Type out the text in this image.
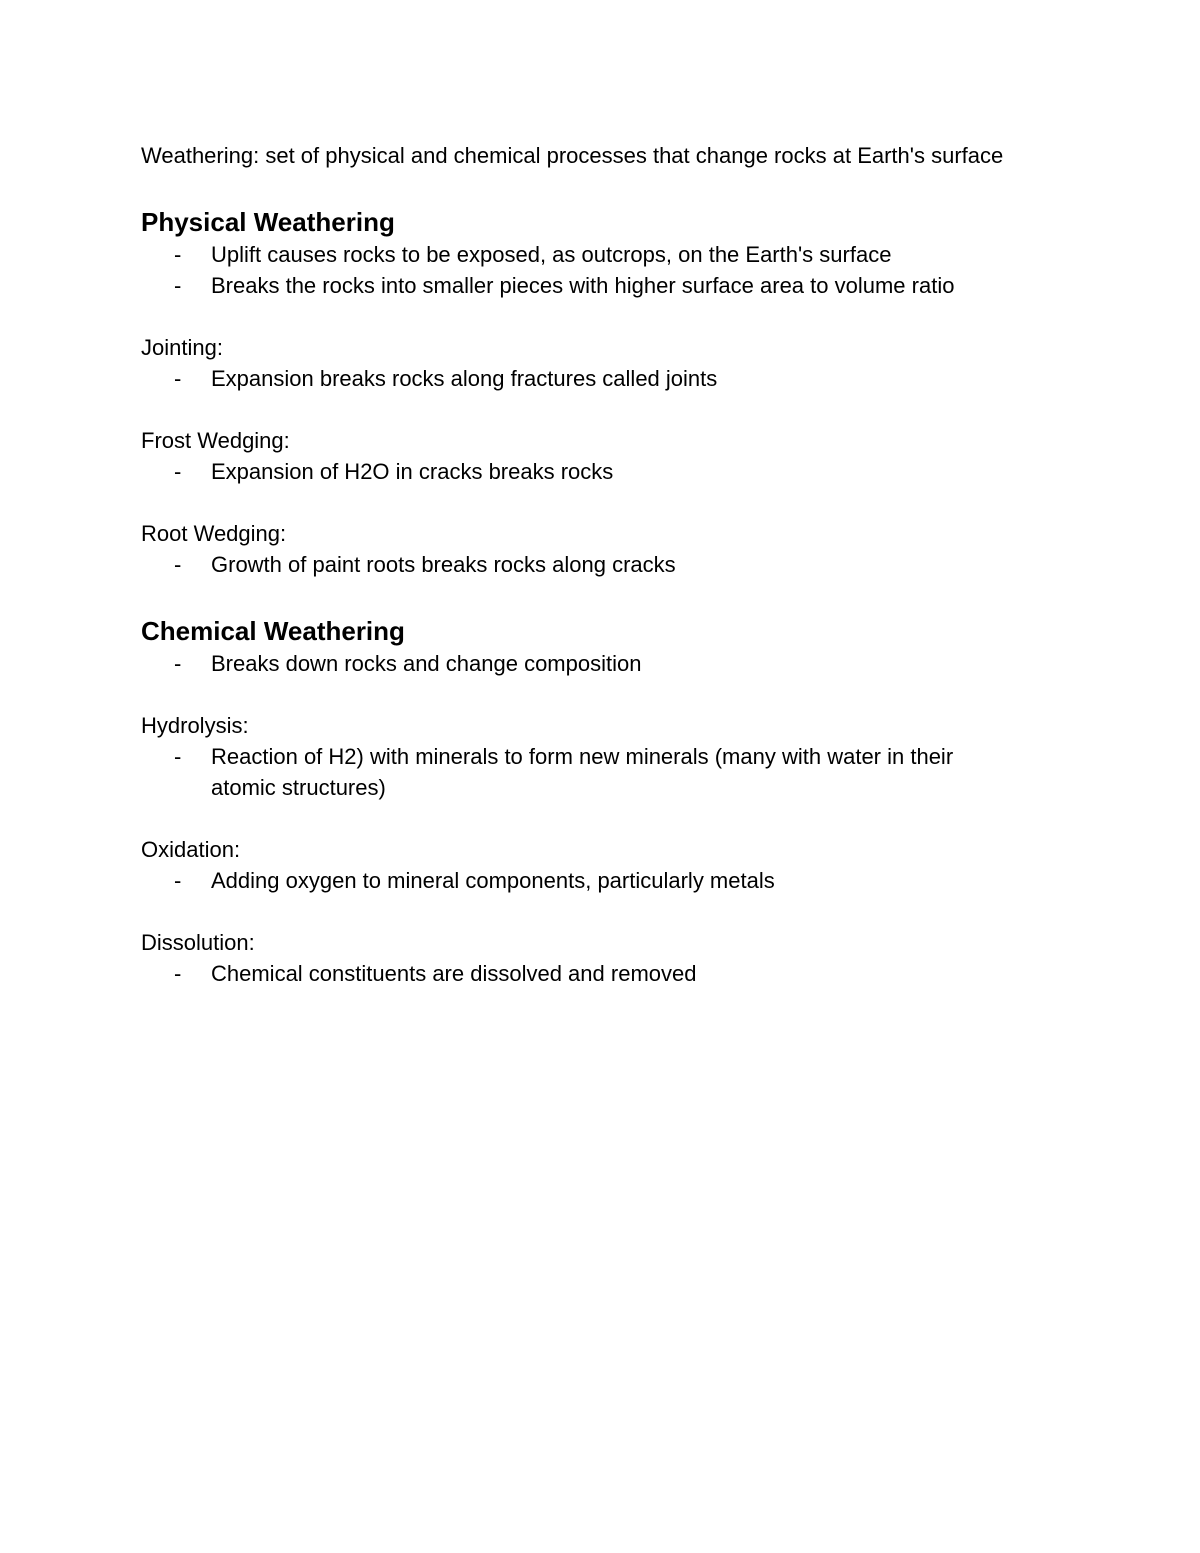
Weathering: set of physical and chemical processes that change rocks at Earth's surface

Physical Weathering
- Uplift causes rocks to be exposed, as outcrops, on the Earth's surface
- Breaks the rocks into smaller pieces with higher surface area to volume ratio

Jointing:

- Expansion breaks rocks along fractures called joints

Frost Wedging:

- Expansion of H2O in cracks breaks rocks

Root Wedging:

- Growth of paint roots breaks rocks along cracks
Chemical Weathering
- Breaks down rocks and change composition

Hydrolysis:

- Reaction of H2) with minerals to form new minerals (many with water in their atomic structures)

Oxidation:

- Adding oxygen to mineral components, particularly metals

Dissolution:

- Chemical constituents are dissolved and removed
